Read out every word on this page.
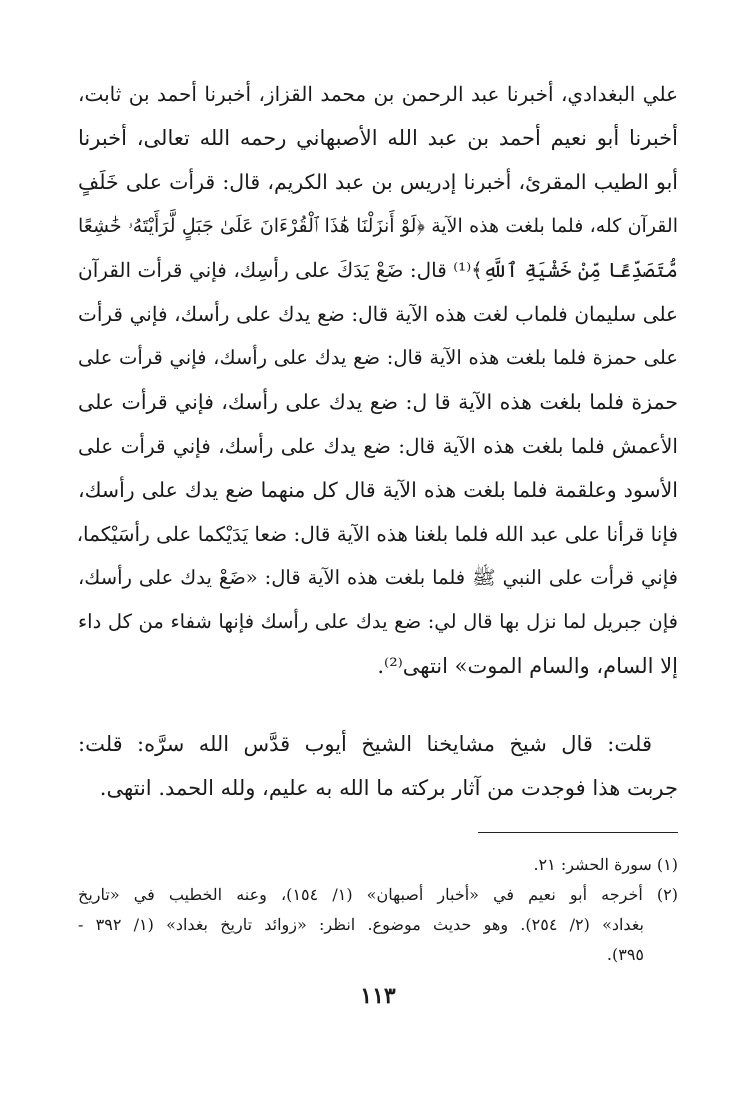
علي البغدادي، أخبرنا عبد الرحمن بن محمد القزاز، أخبرنا أحمد بن ثابت،
أخبرنا أبو نعيم أحمد بن عبد الله الأصبهاني رحمه الله تعالى، أخبرنا
أبو الطيب المقرئ، أخبرنا إدريس بن عبد الكريم، قال: قرأت على خَلَفٍ
القرآن كله، فلما بلغت هذه الآية ﴿لَوْ أَنزَلْنَا هَٰذَا ٱلْقُرْءَانَ عَلَىٰ جَبَلٍ لَّرَأَيْتَهُۥ خَٰشِعًا
مُّتَصَدِّعًا مِّنْ خَشْيَةِ ٱللَّهِ﴾⁽¹⁾ قال: ضَعْ يَدَكَ على رأسِك، فإني قرأت القرآن
على سليمان فلماب لغت هذه الآية قال: ضع يدك على رأسك، فإني قرأت
على حمزة فلما بلغت هذه الآية قال: ضع يدك على رأسك، فإني قرأت على
حمزة فلما بلغت هذه الآية قا ل: ضع يدك على رأسك، فإني قرأت على
الأعمش فلما بلغت هذه الآية قال: ضع يدك على رأسك، فإني قرأت على
الأسود وعلقمة فلما بلغت هذه الآية قال كل منهما ضع يدك على رأسك،
فإنا قرأنا على عبد الله فلما بلغنا هذه الآية قال: ضعا يَدَيْكما على رأسَيْكما،
فإني قرأت على النبي ﷺ فلما بلغت هذه الآية قال: «ضَعْ يدك على رأسك،
فإن جبريل لما نزل بها قال لي: ضع يدك على رأسك فإنها شفاء من كل داء
إلا السام، والسام الموت» انتهى⁽²⁾.
قلت: قال شيخ مشايخنا الشيخ أيوب قدَّس الله سرَّه: قلت:
جربت هذا فوجدت من آثار بركته ما الله به عليم، ولله الحمد. انتهى.
(١) سورة الحشر: ٢١.
(٢) أخرجه أبو نعيم في «أخبار أصبهان» (١/ ١٥٤)، وعنه الخطيب في «تاريخ
بغداد» (٢/ ٢٥٤). وهو حديث موضوع. انظر: «زوائد تاريخ بغداد» (١/ ٣٩٢ -
٣٩٥).
١١٣
